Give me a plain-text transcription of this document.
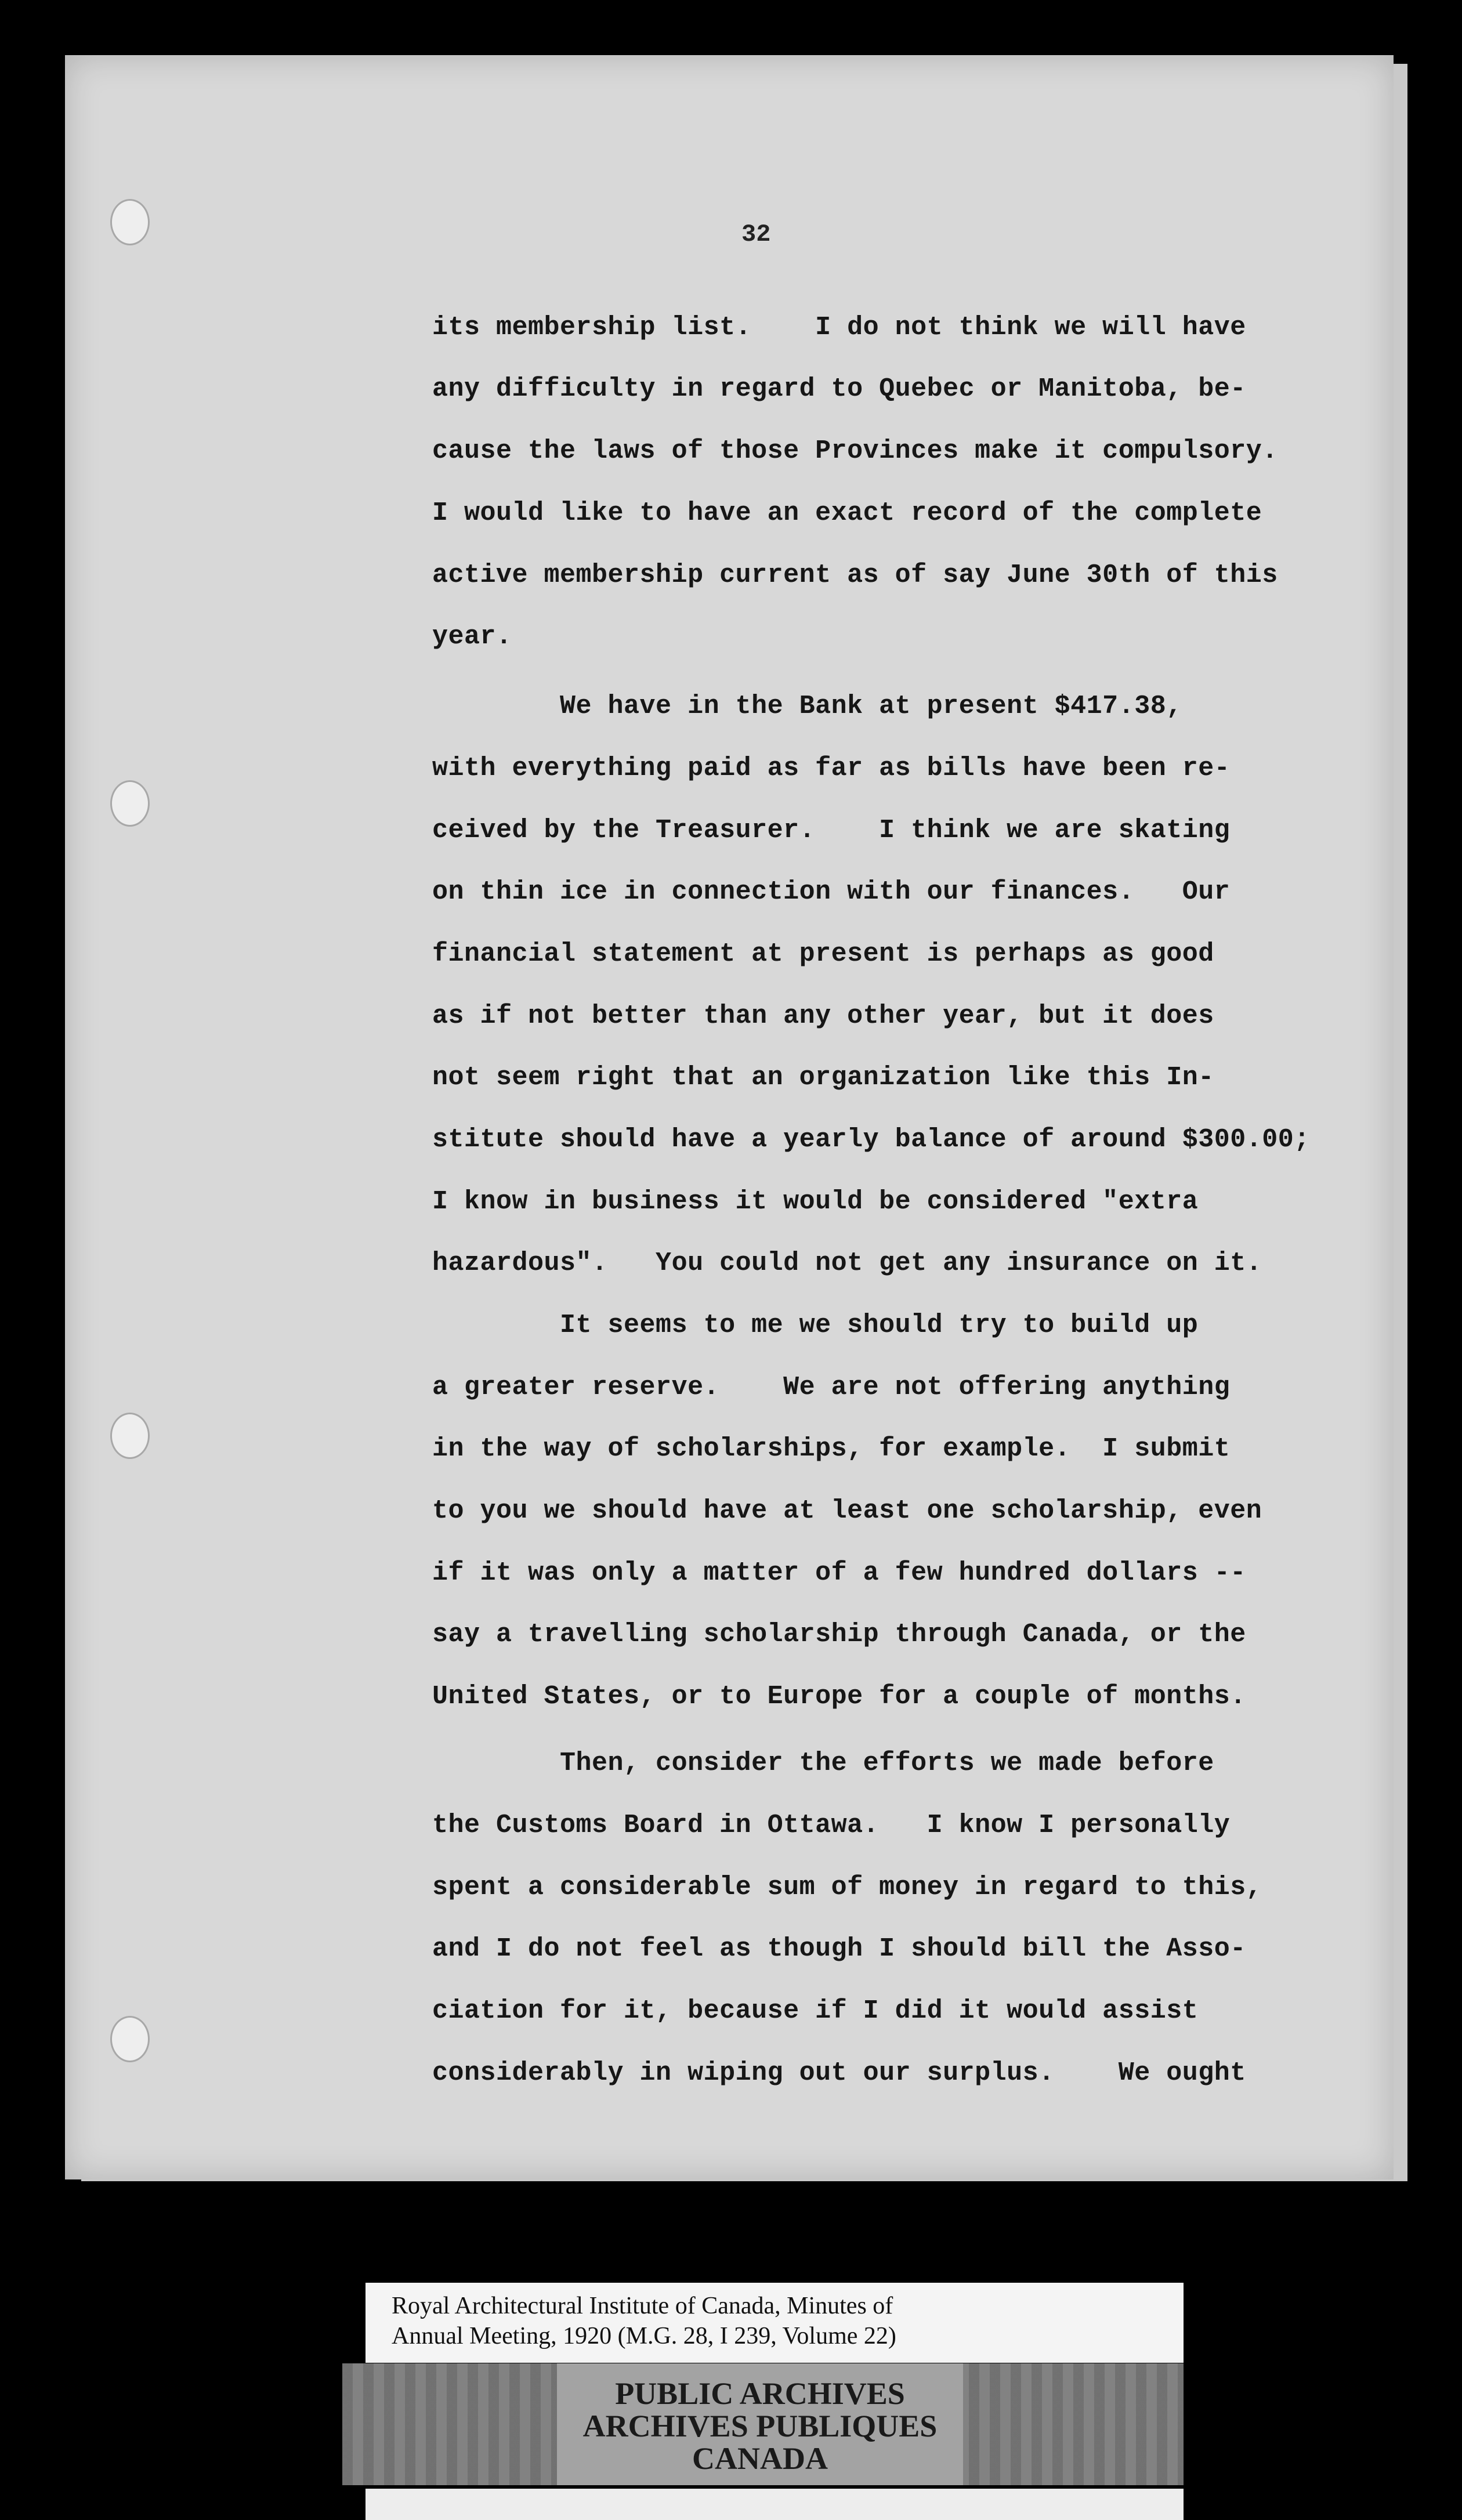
32
its membership list.    I do not think we will have
any difficulty in regard to Quebec or Manitoba, be-
cause the laws of those Provinces make it compulsory.
I would like to have an exact record of the complete
active membership current as of say June 30th of this
year.
We have in the Bank at present $417.38,
with everything paid as far as bills have been re-
ceived by the Treasurer.    I think we are skating
on thin ice in connection with our finances.   Our
financial statement at present is perhaps as good
as if not better than any other year, but it does
not seem right that an organization like this In-
stitute should have a yearly balance of around $300.00;
I know in business it would be considered "extra
hazardous".   You could not get any insurance on it.
It seems to me we should try to build up
a greater reserve.    We are not offering anything
in the way of scholarships, for example.  I submit
to you we should have at least one scholarship, even
if it was only a matter of a few hundred dollars --
say a travelling scholarship through Canada, or the
United States, or to Europe for a couple of months.
Then, consider the efforts we made before
the Customs Board in Ottawa.   I know I personally
spent a considerable sum of money in regard to this,
and I do not feel as though I should bill the Asso-
ciation for it, because if I did it would assist
considerably in wiping out our surplus.    We ought
Royal Architectural Institute of Canada, Minutes of
Annual Meeting, 1920 (M.G. 28, I 239, Volume 22)
PUBLIC ARCHIVES
ARCHIVES PUBLIQUES
CANADA
